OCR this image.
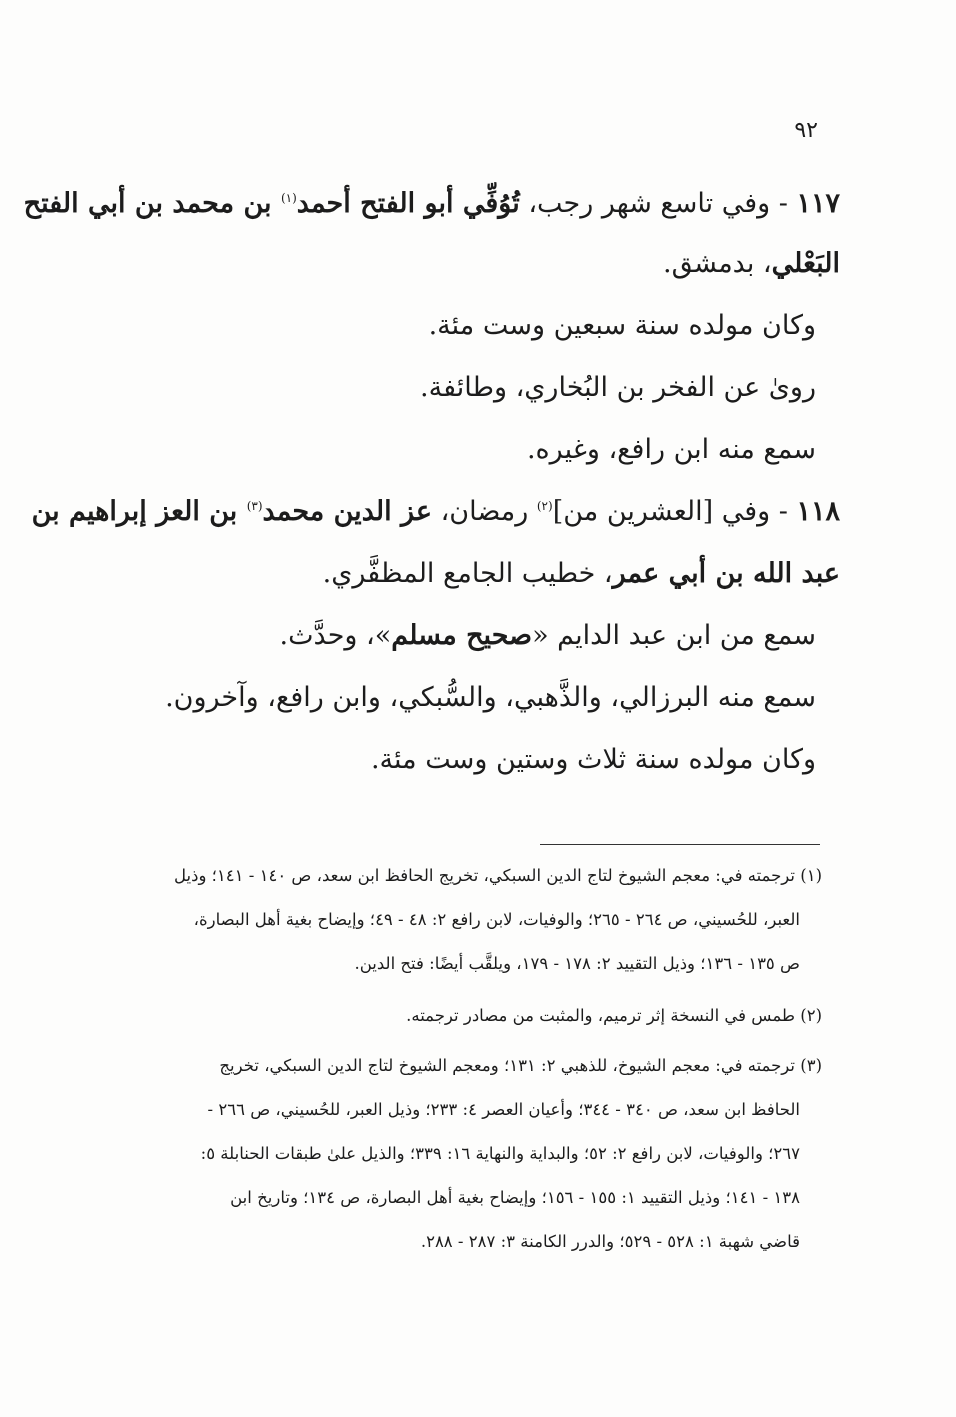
٩٢
١١٧ - وفي تاسع شهر رجب، تُوُفِّي أبو الفتح أحمد$^{(١)}$ بن محمد بن أبي الفتح
البَعْلي، بدمشق.
وكان مولده سنة سبعين وست مئة.
رویٰ عن الفخر بن البُخاري، وطائفة.
سمع منه ابن رافع، وغيره.
١١٨ - وفي [العشرين من]$^{(٢)}$ رمضان، عز الدين محمد$^{(٣)}$ بن العز إبراهيم بن
عبد الله بن أبي عمر، خطيب الجامع المظفَّري.
سمع من ابن عبد الدايم «صحيح مسلم»، وحدَّث.
سمع منه البرزالي، والذَّهبي، والسُّبكي، وابن رافع، وآخرون.
وكان مولده سنة ثلاث وستين وست مئة.
(١) ترجمته في: معجم الشيوخ لتاج الدين السبكي، تخريج الحافظ ابن سعد، ص ١٤٠ - ١٤١؛ وذيل
العبر، للحُسيني، ص ٢٦٤ - ٢٦٥؛ والوفيات، لابن رافع ٢: ٤٨ - ٤٩؛ وإيضاح بغية أهل البصارة،
ص ١٣٥ - ١٣٦؛ وذيل التقييد ٢: ١٧٨ - ١٧٩، ويلقَّب أيضًا: فتح الدين.
(٢) طمس في النسخة إثر ترميم، والمثبت من مصادر ترجمته.
(٣) ترجمته في: معجم الشيوخ، للذهبي ٢: ١٣١؛ ومعجم الشيوخ لتاج الدين السبكي، تخريج
الحافظ ابن سعد، ص ٣٤٠ - ٣٤٤؛ وأعيان العصر ٤: ٢٣٣؛ وذيل العبر، للحُسيني، ص ٢٦٦ -
٢٦٧؛ والوفيات، لابن رافع ٢: ٥٢؛ والبداية والنهاية ١٦: ٣٣٩؛ والذيل علىٰ طبقات الحنابلة ٥:
١٣٨ - ١٤١؛ وذيل التقييد ١: ١٥٥ - ١٥٦؛ وإيضاح بغية أهل البصارة، ص ١٣٤؛ وتاريخ ابن
قاضي شهبة ١: ٥٢٨ - ٥٢٩؛ والدرر الكامنة ٣: ٢٨٧ - ٢٨٨.
